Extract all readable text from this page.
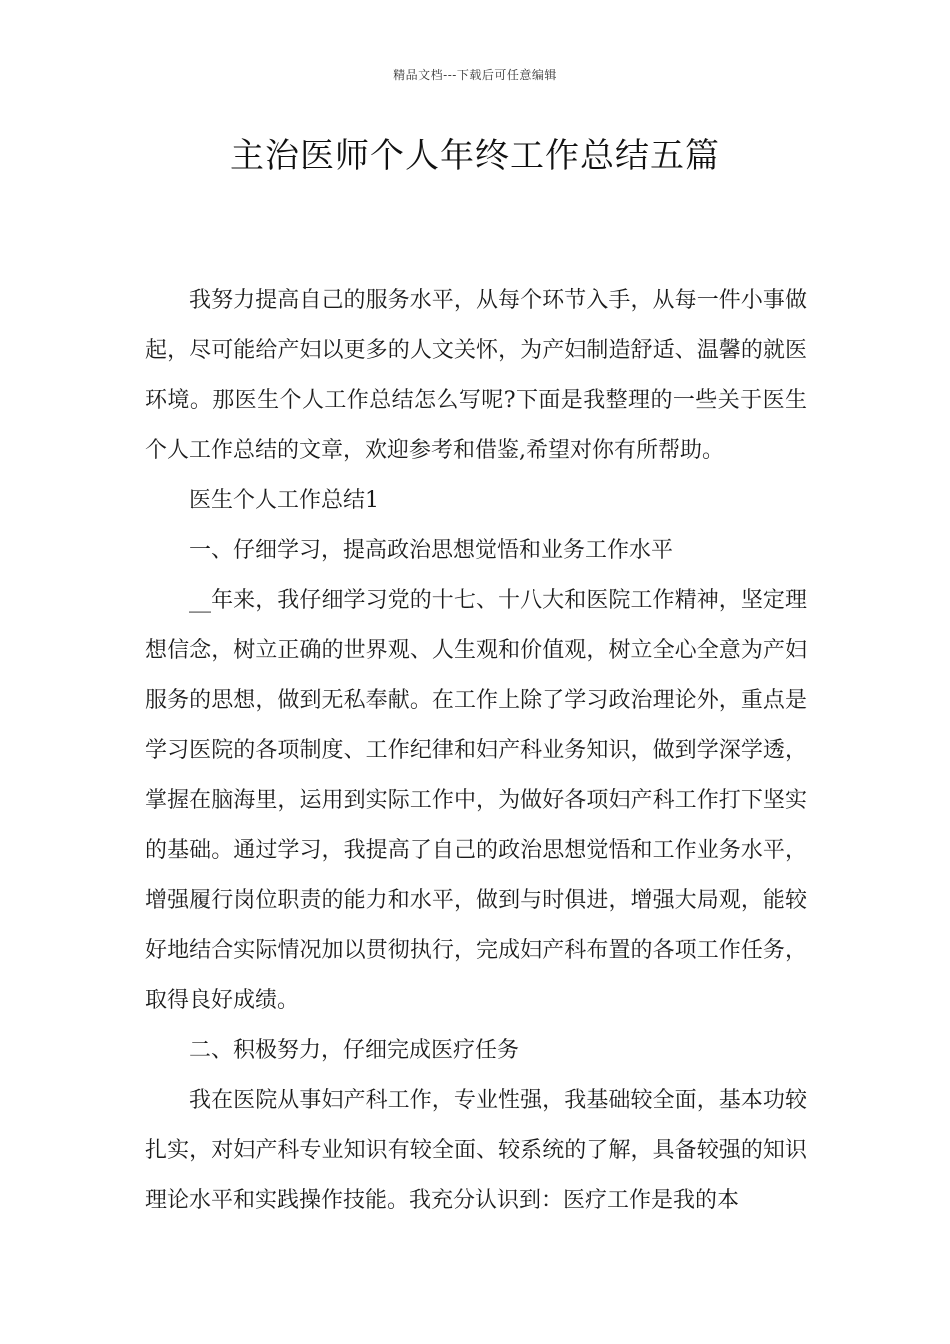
精品文档---下载后可任意编辑
主治医师个人年终工作总结五篇

我努力提高自己的服务水平，从每个环节入手，从每一件小事做起，尽可能给产妇以更多的人文关怀，为产妇制造舒适、温馨的就医环境。那医生个人工作总结怎么写呢?下面是我整理的一些关于医生个人工作总结的文章，欢迎参考和借鉴,希望对你有所帮助。

医生个人工作总结1

一、仔细学习，提高政治思想觉悟和业务工作水平

__年来，我仔细学习党的十七、十八大和医院工作精神，坚定理想信念，树立正确的世界观、人生观和价值观，树立全心全意为产妇服务的思想，做到无私奉献。在工作上除了学习政治理论外，重点是学习医院的各项制度、工作纪律和妇产科业务知识，做到学深学透，掌握在脑海里，运用到实际工作中，为做好各项妇产科工作打下坚实的基础。通过学习，我提高了自己的政治思想觉悟和工作业务水平，增强履行岗位职责的能力和水平，做到与时俱进，增强大局观，能较好地结合实际情况加以贯彻执行，完成妇产科布置的各项工作任务，取得良好成绩。

二、积极努力，仔细完成医疗任务

我在医院从事妇产科工作，专业性强，我基础较全面，基本功较扎实，对妇产科专业知识有较全面、较系统的了解，具备较强的知识理论水平和实践操作技能。我充分认识到：医疗工作是我的本
